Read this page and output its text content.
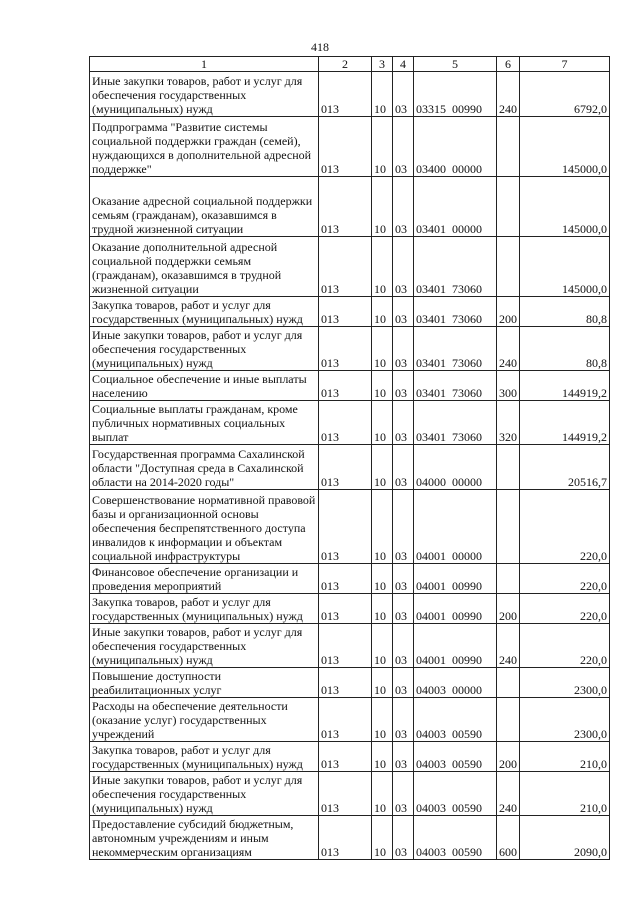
418
1	2	3	4	5	6	7
Иные закупки товаров, работ и услуг для обеспечения государственных (муниципальных) нужд	013	10	03	03315  00990	240	6792,0
Подпрограмма "Развитие системы социальной поддержки граждан (семей), нуждающихся в дополнительной адресной поддержке"	013	10	03	03400  00000		145000,0
Оказание адресной социальной поддержки семьям (гражданам), оказавшимся в трудной жизненной ситуации	013	10	03	03401  00000		145000,0
Оказание дополнительной адресной социальной поддержки семьям (гражданам), оказавшимся в трудной жизненной ситуации	013	10	03	03401  73060		145000,0
Закупка товаров, работ и услуг для государственных (муниципальных) нужд	013	10	03	03401  73060	200	80,8
Иные закупки товаров, работ и услуг для обеспечения государственных (муниципальных) нужд	013	10	03	03401  73060	240	80,8
Социальное обеспечение и иные выплаты населению	013	10	03	03401  73060	300	144919,2
Социальные выплаты гражданам, кроме публичных нормативных социальных выплат	013	10	03	03401  73060	320	144919,2
Государственная программа Сахалинской области "Доступная среда в Сахалинской области на 2014-2020 годы"	013	10	03	04000  00000		20516,7
Совершенствование нормативной правовой базы и организационной основы обеспечения беспрепятственного доступа инвалидов к информации и объектам социальной инфраструктуры	013	10	03	04001  00000		220,0
Финансовое обеспечение организации и проведения мероприятий	013	10	03	04001  00990		220,0
Закупка товаров, работ и услуг для государственных (муниципальных) нужд	013	10	03	04001  00990	200	220,0
Иные закупки товаров, работ и услуг для обеспечения государственных (муниципальных) нужд	013	10	03	04001  00990	240	220,0
Повышение доступности реабилитационных услуг	013	10	03	04003  00000		2300,0
Расходы на обеспечение деятельности (оказание услуг) государственных учреждений	013	10	03	04003  00590		2300,0
Закупка товаров, работ и услуг для государственных (муниципальных) нужд	013	10	03	04003  00590	200	210,0
Иные закупки товаров, работ и услуг для обеспечения государственных (муниципальных) нужд	013	10	03	04003  00590	240	210,0
Предоставление субсидий бюджетным, автономным учреждениям и иным некоммерческим организациям	013	10	03	04003  00590	600	2090,0
